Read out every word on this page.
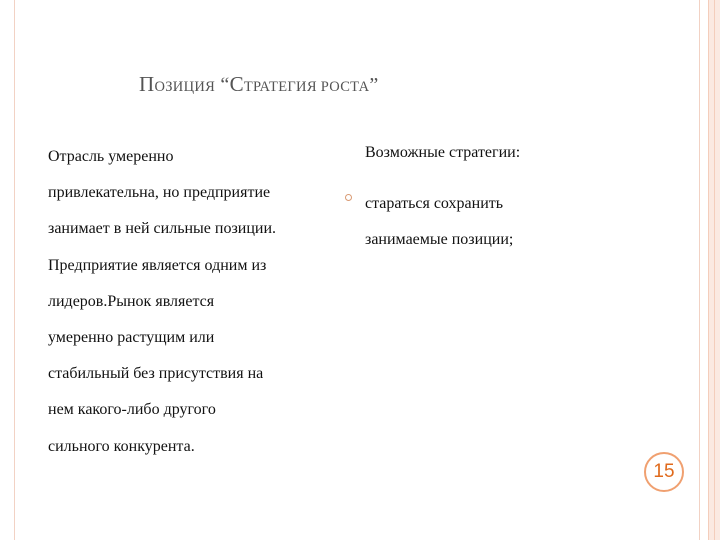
ПОЗИЦИЯ “СТРАТЕГИЯ РОСТА”
Отрасль умеренно
привлекательна, но предприятие
занимает в ней сильные позиции.
Предприятие является одним из
лидеров.Рынок является
умеренно растущим или
стабильный без присутствия на
нем какого-либо другого
сильного конкурента.
Возможные стратегии:
стараться сохранить
занимаемые позиции;
15
